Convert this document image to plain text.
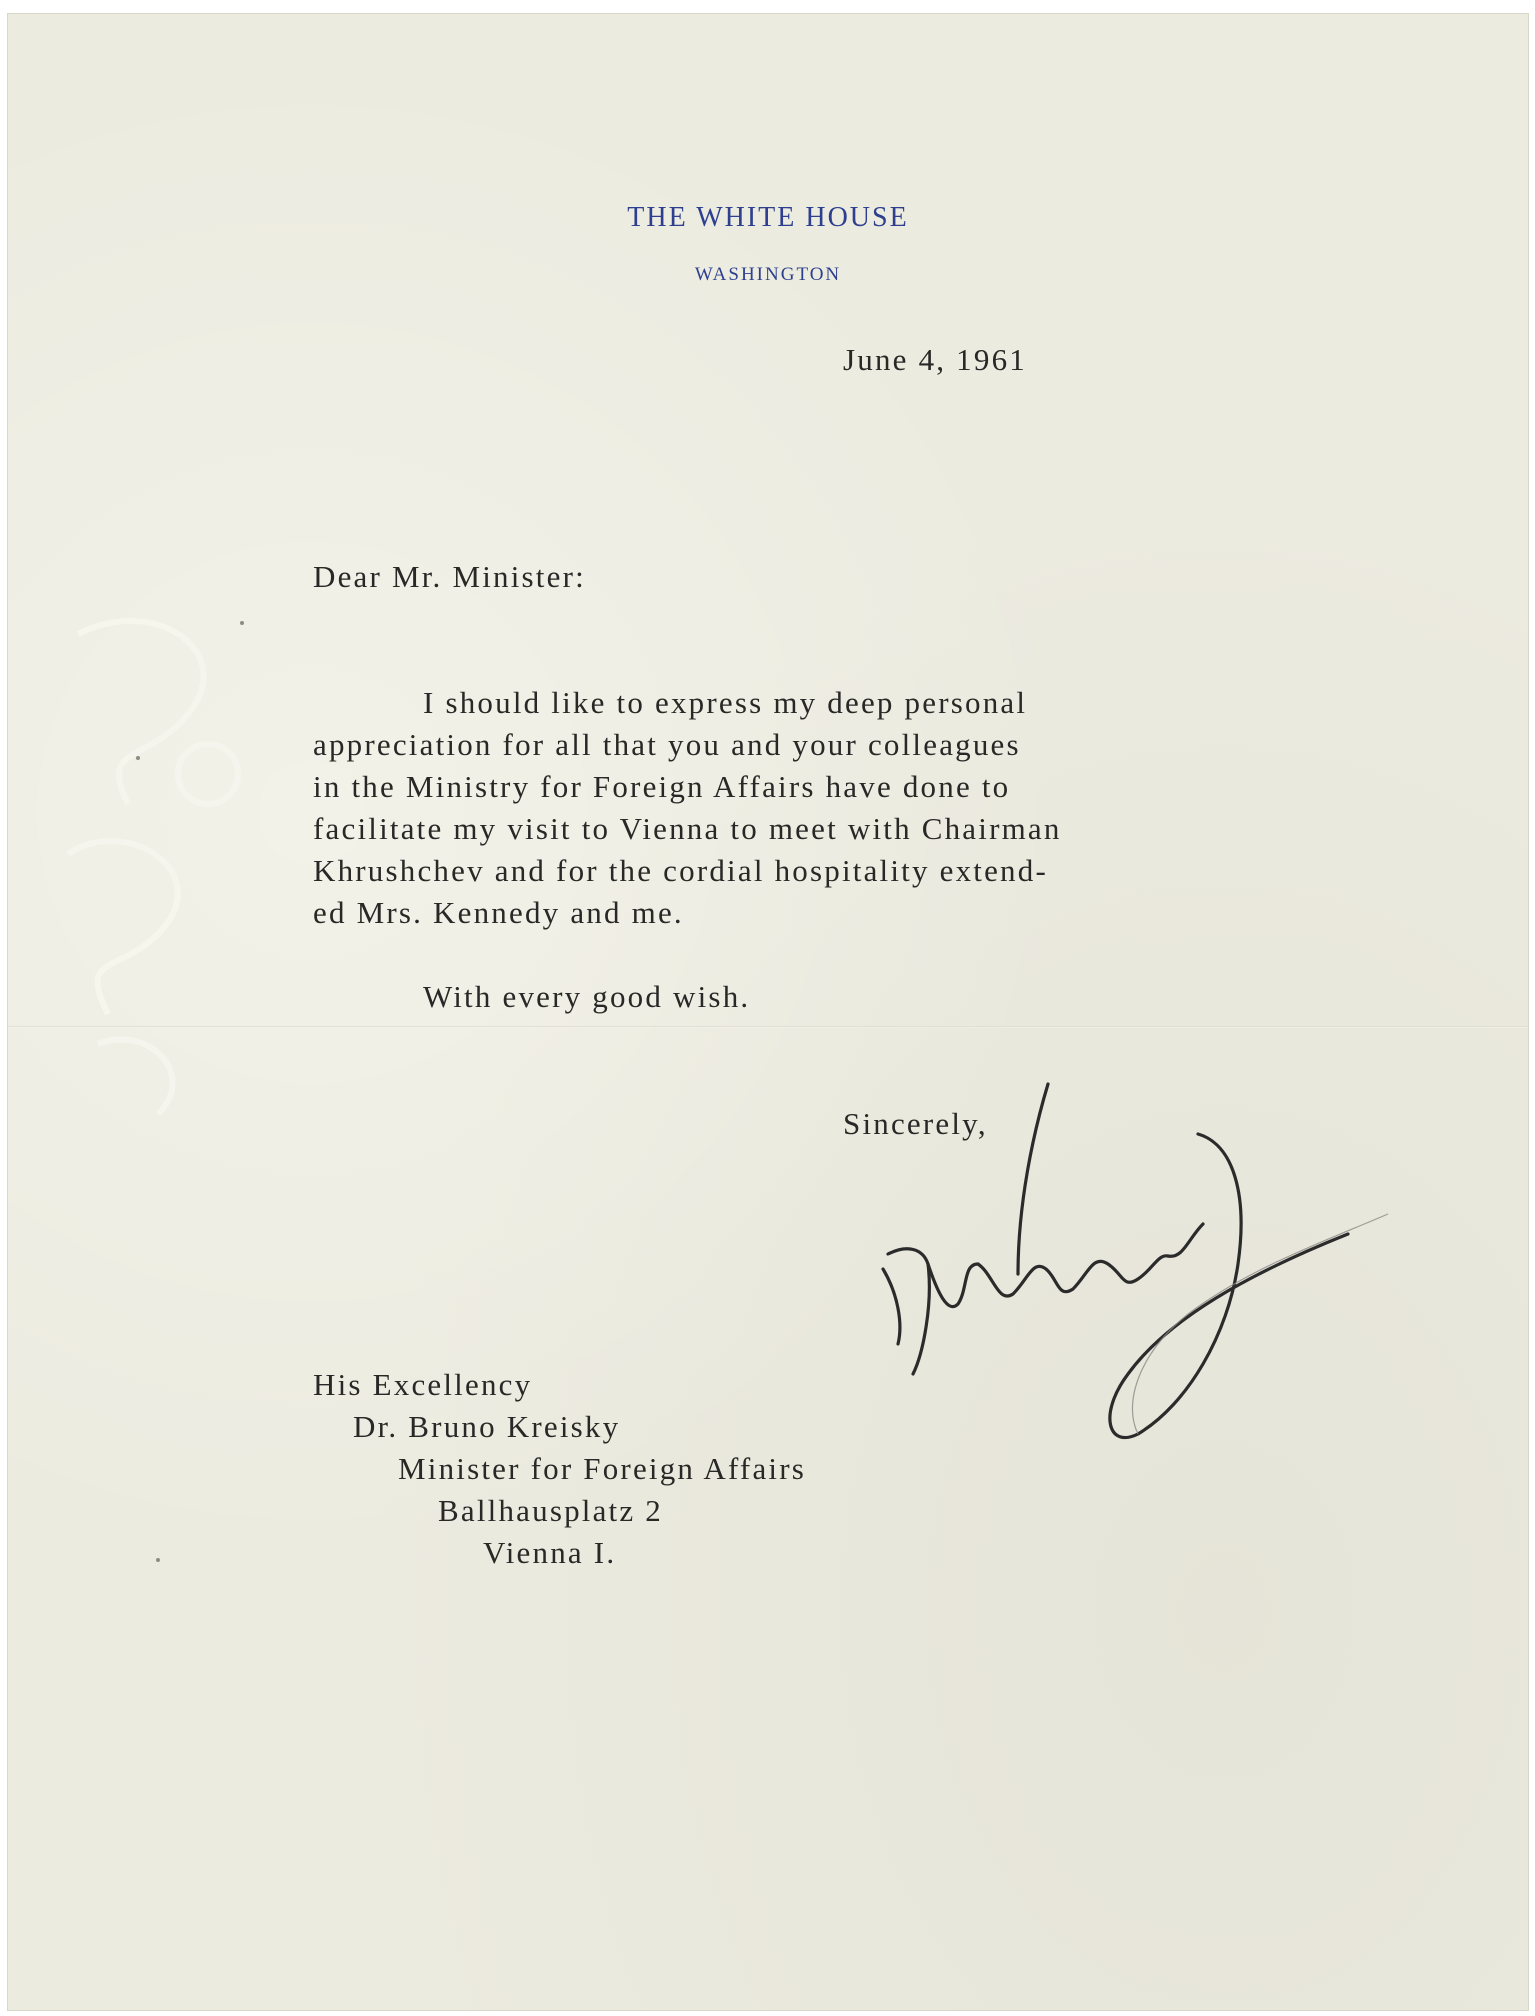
THE WHITE HOUSE
WASHINGTON
June 4, 1961
Dear Mr. Minister:
I should like to express my deep personal
appreciation for all that you and your colleagues
in the Ministry for Foreign Affairs have done to
facilitate my visit to Vienna to meet with Chairman
Khrushchev and for the cordial hospitality extend-
ed Mrs. Kennedy and me.
With every good wish.
Sincerely,
His Excellency
Dr. Bruno Kreisky
Minister for Foreign Affairs
Ballhausplatz 2
Vienna I.
